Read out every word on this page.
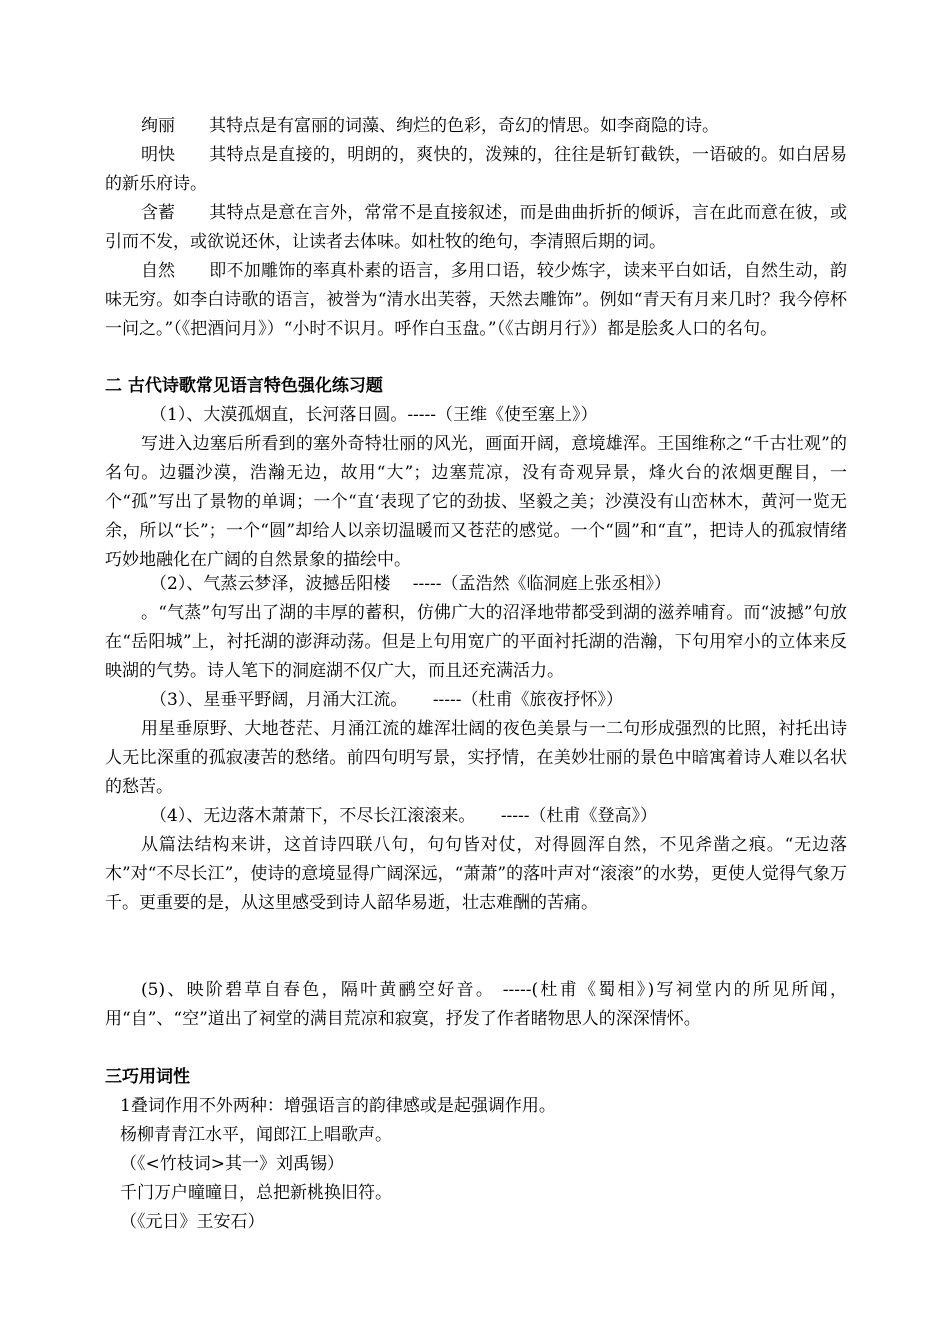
绚丽 其特点是有富丽的词藻、绚烂的色彩，奇幻的情思。如李商隐的诗。

明快 其特点是直接的，明朗的，爽快的，泼辣的，往往是斩钉截铁，一语破的。如白居易的新乐府诗。

含蓄 其特点是意在言外，常常不是直接叙述，而是曲曲折折的倾诉，言在此而意在彼，或引而不发，或欲说还休，让读者去体味。如杜牧的绝句，李清照后期的词。

自然 即不加雕饰的率真朴素的语言，多用口语，较少炼字，读来平白如话，自然生动，韵味无穷。如李白诗歌的语言，被誉为“清水出芙蓉，天然去雕饰”。例如“青天有月来几时？我今停杯一问之。”（《把酒问月》）“小时不识月。呼作白玉盘。”（《古朗月行》）都是脍炙人口的名句。

二 古代诗歌常见语言特色强化练习题

（1）、大漠孤烟直，长河落日圆。-----（王维《使至塞上》）

写进入边塞后所看到的塞外奇特壮丽的风光，画面开阔，意境雄浑。王国维称之“千古壮观”的名句。边疆沙漠，浩瀚无边，故用“大”；边塞荒凉，没有奇观异景，烽火台的浓烟更醒目，一个“孤”写出了景物的单调；一个“直‘表现了它的劲拔、坚毅之美；沙漠没有山峦林木，黄河一览无余，所以“长”；一个“圆”却给人以亲切温暖而又苍茫的感觉。一个“圆”和“直”，把诗人的孤寂情绪巧妙地融化在广阔的自然景象的描绘中。

（2）、气蒸云梦泽，波撼岳阳楼　 -----（孟浩然《临洞庭上张丞相》）

。“气蒸”句写出了湖的丰厚的蓄积，仿佛广大的沼泽地带都受到湖的滋养哺育。而“波撼”句放在“岳阳城”上，衬托湖的澎湃动荡。但是上句用宽广的平面衬托湖的浩瀚，下句用窄小的立体来反映湖的气势。诗人笔下的洞庭湖不仅广大，而且还充满活力。

（3）、星垂平野阔，月涌大江流。　　-----（杜甫《旅夜抒怀》）

用星垂原野、大地苍茫、月涌江流的雄浑壮阔的夜色美景与一二句形成强烈的比照，衬托出诗人无比深重的孤寂凄苦的愁绪。前四句明写景，实抒情，在美妙壮丽的景色中暗寓着诗人难以名状的愁苦。

（4）、无边落木萧萧下，不尽长江滚滚来。　　-----（杜甫《登高》）

从篇法结构来讲，这首诗四联八句，句句皆对仗，对得圆浑自然，不见斧凿之痕。“无边落木”对“不尽长江”，使诗的意境显得广阔深远，“萧萧”的落叶声对“滚滚”的水势，更使人觉得气象万千。更重要的是，从这里感受到诗人韶华易逝，壮志难酬的苦痛。

(5)、映阶碧草自春色，隔叶黄鹂空好音。 -----(杜甫《蜀相》)写祠堂内的所见所闻，用“自”、“空”道出了祠堂的满目荒凉和寂寞，抒发了作者睹物思人的深深情怀。

三巧用词性

1叠词作用不外两种：增强语言的韵律感或是起强调作用。

杨柳青青江水平，闻郎江上唱歌声。

（《<竹枝词>其一》刘禹锡）

千门万户曈曈日，总把新桃换旧符。

（《元日》王安石）
